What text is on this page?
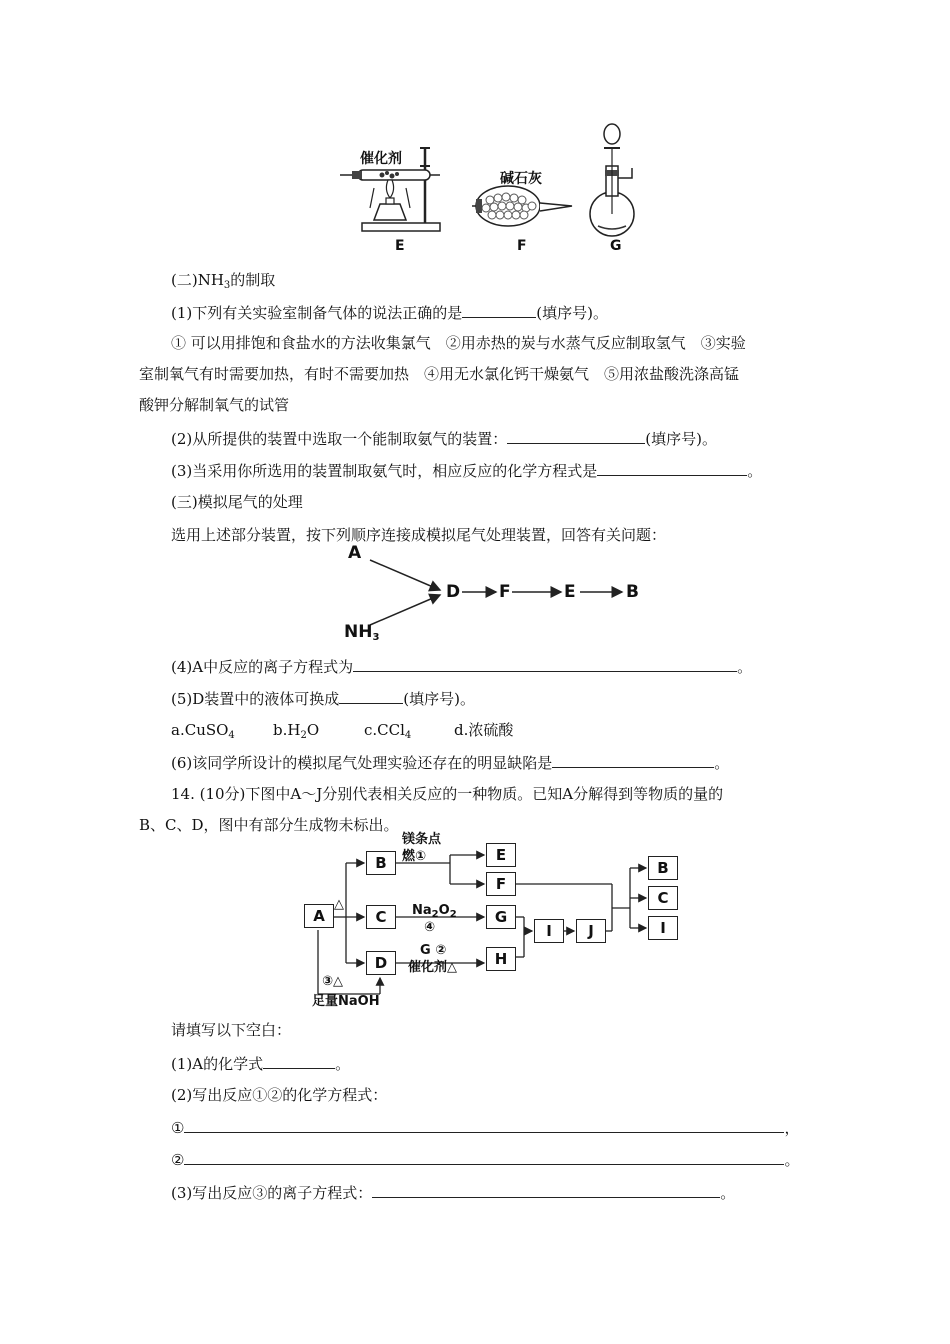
催化剂
碱石灰
E	F	G
(二)$NH_3$的制取
(1)下列有关实验室制备气体的说法正确的是	(填序号)。
① 可以用排饱和食盐水的方法收集氯气　②用赤热的炭与水蒸气反应制取氢气　③实验
室制氧气有时需要加热，有时不需要加热　④用无水氯化钙干燥氨气　⑤用浓盐酸洗涤高锰
酸钾分解制氧气的试管
(2)从所提供的装置中选取一个能制取氨气的装置：	(填序号)。
(3)当采用你所选用的装置制取氨气时，相应反应的化学方程式是	。
(三)模拟尾气的处理
选用上述部分装置，按下列顺序连接成模拟尾气处理装置，回答有关问题：
A
$NH_3$
D F	E	B
(4)A中反应的离子方程式为	。
(5)D装置中的液体可换成	(填序号)。
a.CuSO$_4$	$b.H_2O$	c.CCl$_4$	d.浓硫酸
(6)该同学所设计的模拟尾气处理实验还存在的明显缺陷是	。
14. (10分)下图中A～J分别代表相关反应的一种物质。已知A分解得到等物质的量的
B、C、D，图中有部分生成物未标出。
A
B
C
D
E
F
G
H
I	J
B
C
I
镁条点
燃①
△	$Na_2O_2$
④
G ②
催化剂△
③△
足量NaOH
请填写以下空白：
(1)A的化学式	。
(2)写出反应①②的化学方程式：
①	，
②	。
(3)写出反应③的离子方程式：	。
